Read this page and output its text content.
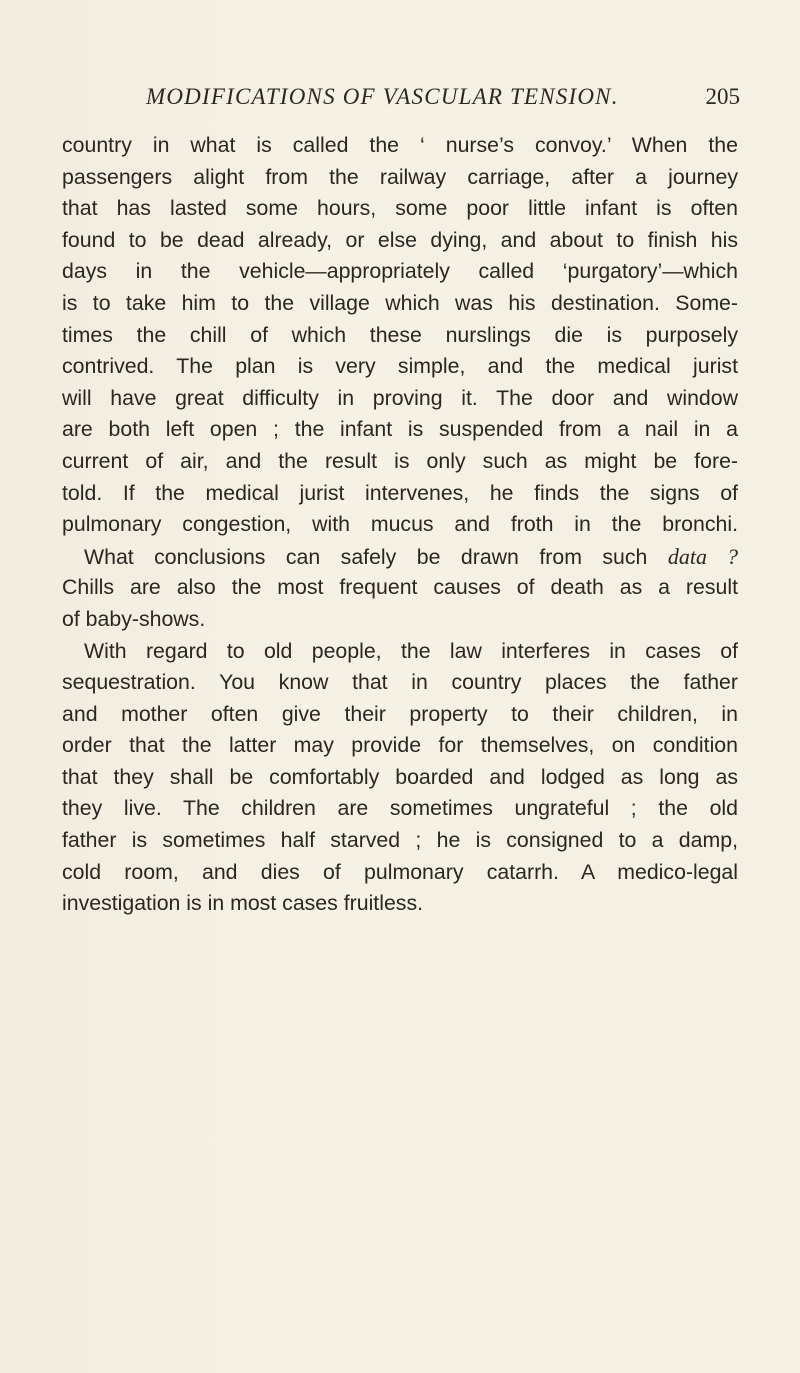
MODIFICATIONS OF VASCULAR TENSION.	205
country in what is called the ‘ nurse’s convoy.’ When the
passengers alight from the railway carriage, after a journey
that has lasted some hours, some poor little infant is often
found to be dead already, or else dying, and about to finish his
days in the vehicle—appropriately called ‘purgatory’—which
is to take him to the village which was his destination. Some-
times the chill of which these nurslings die is purposely
contrived. The plan is very simple, and the medical jurist
will have great difficulty in proving it. The door and window
are both left open ; the infant is suspended from a nail in a
current of air, and the result is only such as might be fore-
told. If the medical jurist intervenes, he finds the signs of
pulmonary congestion, with mucus and froth in the bronchi.
What conclusions can safely be drawn from such data ?
Chills are also the most frequent causes of death as a result
of baby-shows.
With regard to old people, the law interferes in cases of
sequestration. You know that in country places the father
and mother often give their property to their children, in
order that the latter may provide for themselves, on condition
that they shall be comfortably boarded and lodged as long as
they live. The children are sometimes ungrateful ; the old
father is sometimes half starved ; he is consigned to a damp,
cold room, and dies of pulmonary catarrh. A medico-legal
investigation is in most cases fruitless.
